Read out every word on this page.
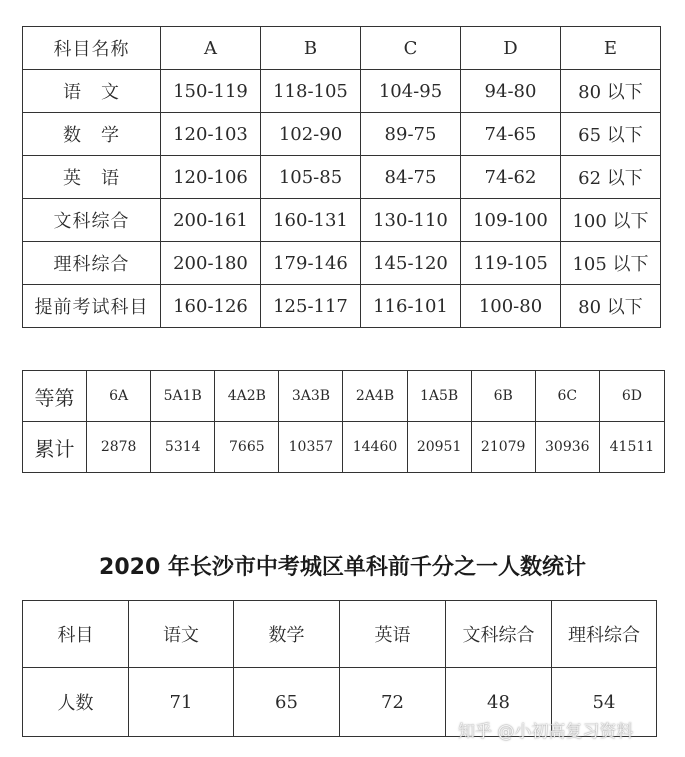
科目名称	A	B	C	D	E
语　文	150-119	118-105	104-95	94-80	80 以下
数　学	120-103	102-90	89-75	74-65	65 以下
英　语	120-106	105-85	84-75	74-62	62 以下
文科综合	200-161	160-131	130-110	109-100	100 以下
理科综合	200-180	179-146	145-120	119-105	105 以下
提前考试科目	160-126	125-117	116-101	100-80	80 以下
等第	6A	5A1B	4A2B	3A3B	2A4B	1A5B	6B	6C	6D
累计	2878	5314	7665	10357	14460	20951	21079	30936	41511
2020 年长沙市中考城区单科前千分之一人数统计
科目	语文	数学	英语	文科综合	理科综合
人数	71	65	72	48	54
知乎 @小初高复习资料
